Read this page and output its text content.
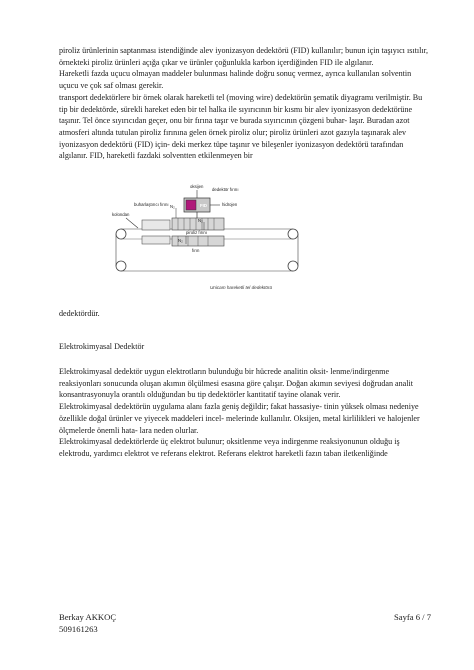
piroliz ürünlerinin saptanması istendiğinde alev iyonizasyon dedektörü (FID) kullanılır; bunun için taşıyıcı ısıtılır, örnekteki piroliz ürünleri açığa çıkar ve ürünler çoğunlukla karbon içerdiğinden FID ile algılanır.

Hareketli fazda uçucu olmayan maddeler bulunması halinde doğru sonuç vermez, ayrıca kullanılan solventin uçucu ve çok saf olması gerekir.

transport dedektörlere bir örnek olarak hareketli tel (moving wire) dedektörün şematik diyagramı verilmiştir. Bu tip bir dedektörde, sürekli hareket eden bir tel halka ile sıyırıcının bir kısmı bir alev iyonizasyon dedektörüne taşınır. Tel önce sıyırıcıdan geçer, onu bir fırına taşır ve burada sıyırıcının çözgeni buhar- laşır. Buradan azot atmosferi altında tutulan piroliz fırınına gelen örnek piroliz olur; piroliz ürünleri azot gazıyla taşınarak alev iyonizasyon dedektörü (FID) için- deki merkez tüpe taşınır ve bileşenler iyonizasyon dedektörü tarafından algılanır. FID, hareketli fazdaki solventten etkilenmeyen bir

oksijen
dedektör fırını
FID	hidrojen
kolondan
buharlaştırıcı fırını N₂
N₂
N₂
piroliz fırını
fırın
Unicam hareketli tel dedektörü

dedektördür.

Elektrokimyasal Dedektör

Elektrokimyasal dedektör uygun elektrotların bulunduğu bir hücrede analitin oksit- lenme/indirgenme reaksiyonları sonucunda oluşan akımın ölçülmesi esasına göre çalışır. Doğan akımın seviyesi doğrudan analit konsantrasyonuyla orantılı olduğundan bu tip dedektörler kantitatif tayine olanak verir.

Elektrokimyasal dedektörün uygulama alanı fazla geniş değildir; fakat hassasiye- tinin yüksek olması nedeniye özellikle doğal ürünler ve yiyecek maddeleri incel- melerinde kullanılır. Oksijen, metal kirlilikleri ve halojenler ölçmelerde önemli hata- lara neden olurlar.

Elektrokimyasal dedektörlerde üç elektrot bulunur; oksitlenme veya indirgenme reaksiyonunun olduğu iş elektrodu, yardımcı elektrot ve referans elektrot. Referans elektrot hareketli fazın taban iletkenliğinde

Berkay AKKOÇ
509161263
Sayfa 6 / 7
